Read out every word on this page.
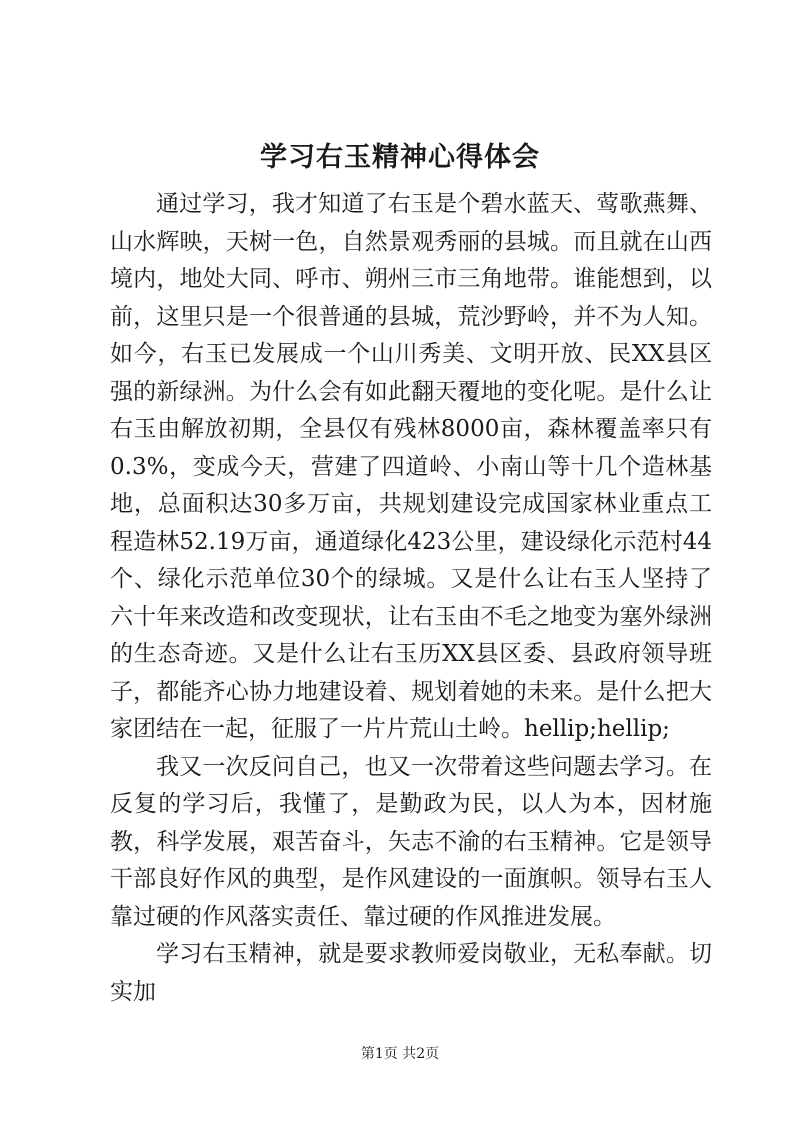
学习右玉精神心得体会

通过学习，我才知道了右玉是个碧水蓝天、莺歌燕舞、山水辉映，天树一色，自然景观秀丽的县城。而且就在山西境内，地处大同、呼市、朔州三市三角地带。谁能想到，以前，这里只是一个很普通的县城，荒沙野岭，并不为人知。如今，右玉已发展成一个山川秀美、文明开放、民XX县区强的新绿洲。为什么会有如此翻天覆地的变化呢。是什么让右玉由解放初期，全县仅有残林8000亩，森林覆盖率只有0.3%，变成今天，营建了四道岭、小南山等十几个造林基地，总面积达30多万亩，共规划建设完成国家林业重点工程造林52.19万亩，通道绿化423公里，建设绿化示范村44个、绿化示范单位30个的绿城。又是什么让右玉人坚持了六十年来改造和改变现状，让右玉由不毛之地变为塞外绿洲的生态奇迹。又是什么让右玉历XX县区委、县政府领导班子，都能齐心协力地建设着、规划着她的未来。是什么把大家团结在一起，征服了一片片荒山土岭。hellip;hellip;

我又一次反问自己，也又一次带着这些问题去学习。在反复的学习后，我懂了，是勤政为民，以人为本，因材施教，科学发展，艰苦奋斗，矢志不渝的右玉精神。它是领导干部良好作风的典型，是作风建设的一面旗帜。领导右玉人靠过硬的作风落实责任、靠过硬的作风推进发展。

学习右玉精神，就是要求教师爱岗敬业，无私奉献。切实加

第1页 共2页
